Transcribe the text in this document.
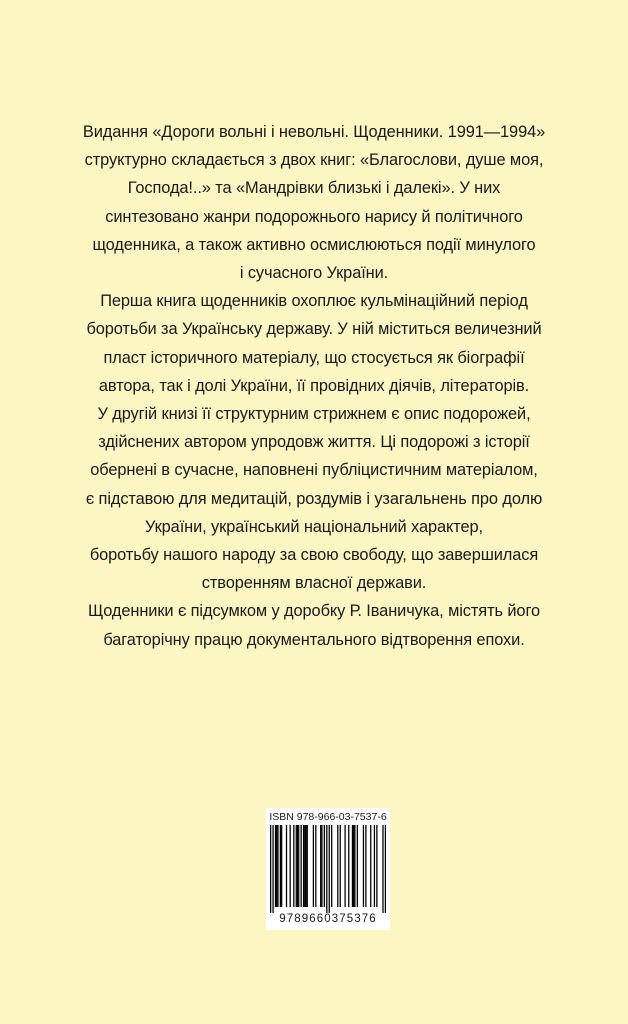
Видання «Дороги вольні і невольні. Щоденники. 1991—1994»
структурно складається з двох книг: «Благослови, душе моя,
Господа!..» та «Мандрівки близькі і далекі». У них
синтезовано жанри подорожнього нарису й політичного
щоденника, а також активно осмислюються події минулого
і сучасного України.
Перша книга щоденників охоплює кульмінаційний період
боротьби за Українську державу. У ній міститься величезний
пласт історичного матеріалу, що стосується як біографії
автора, так і долі України, її провідних діячів, літераторів.
У другій книзі її структурним стрижнем є опис подорожей,
здійснених автором упродовж життя. Ці подорожі з історії
обернені в сучасне, наповнені публіцистичним матеріалом,
є підставою для медитацій, роздумів і узагальнень про долю
України, український національний характер,
боротьбу нашого народу за свою свободу, що завершилася
створенням власної держави.
Щоденники є підсумком у доробку Р. Іваничука, містять його
багаторічну працю документального відтворення епохи.
ISBN 978-966-03-7537-6
9789660375376
